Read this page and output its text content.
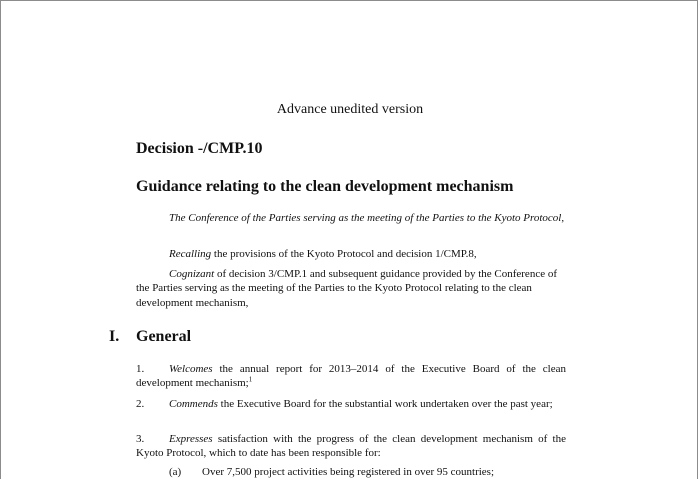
Advance unedited version
Decision -/CMP.10
Guidance relating to the clean development mechanism
The Conference of the Parties serving as the meeting of the Parties to the Kyoto Protocol,
Recalling the provisions of the Kyoto Protocol and decision 1/CMP.8,
Cognizant of decision 3/CMP.1 and subsequent guidance provided by the Conference of the Parties serving as the meeting of the Parties to the Kyoto Protocol relating to the clean development mechanism,
I. General
1. Welcomes the annual report for 2013–2014 of the Executive Board of the clean development mechanism;$^1$
2. Commends the Executive Board for the substantial work undertaken over the past year;
3. Expresses satisfaction with the progress of the clean development mechanism of the Kyoto Protocol, which to date has been responsible for:
(a) Over 7,500 project activities being registered in over 95 countries;
